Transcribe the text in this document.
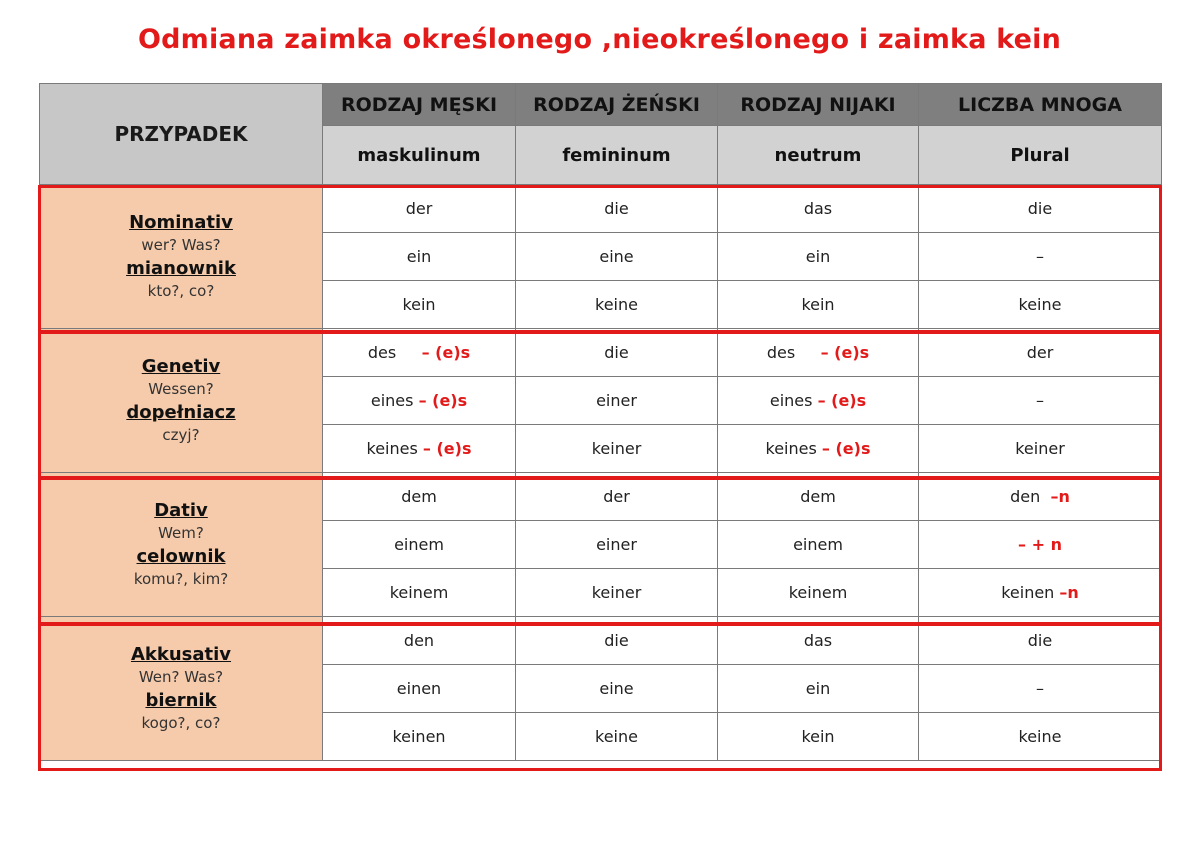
Odmiana zaimka określonego ,nieokreślonego i zaimka kein
PRZYPADEK	RODZAJ MĘSKI	RODZAJ ŻEŃSKI	RODZAJ NIJAKI	LICZBA MNOGA
	maskulinum	femininum	neutrum	Plural

Nominativ
wer? Was?
mianownik
kto?, co?	der	die	das	die
	ein	eine	ein	–
	kein	keine	kein	keine

Genetiv
Wessen?
dopełniacz
czyj?	des     – (e)s	die	des     – (e)s	der
	eines – (e)s	einer	eines – (e)s	–
	keines – (e)s	keiner	keines – (e)s	keiner

Dativ
Wem?
celownik
komu?, kim?	dem	der	dem	den  –n
	einem	einer	einem	– + n
	keinem	keiner	keinem	keinen –n

Akkusativ
Wen? Was?
biernik
kogo?, co?	den	die	das	die
	einen	eine	ein	–
	keinen	keine	kein	keine
